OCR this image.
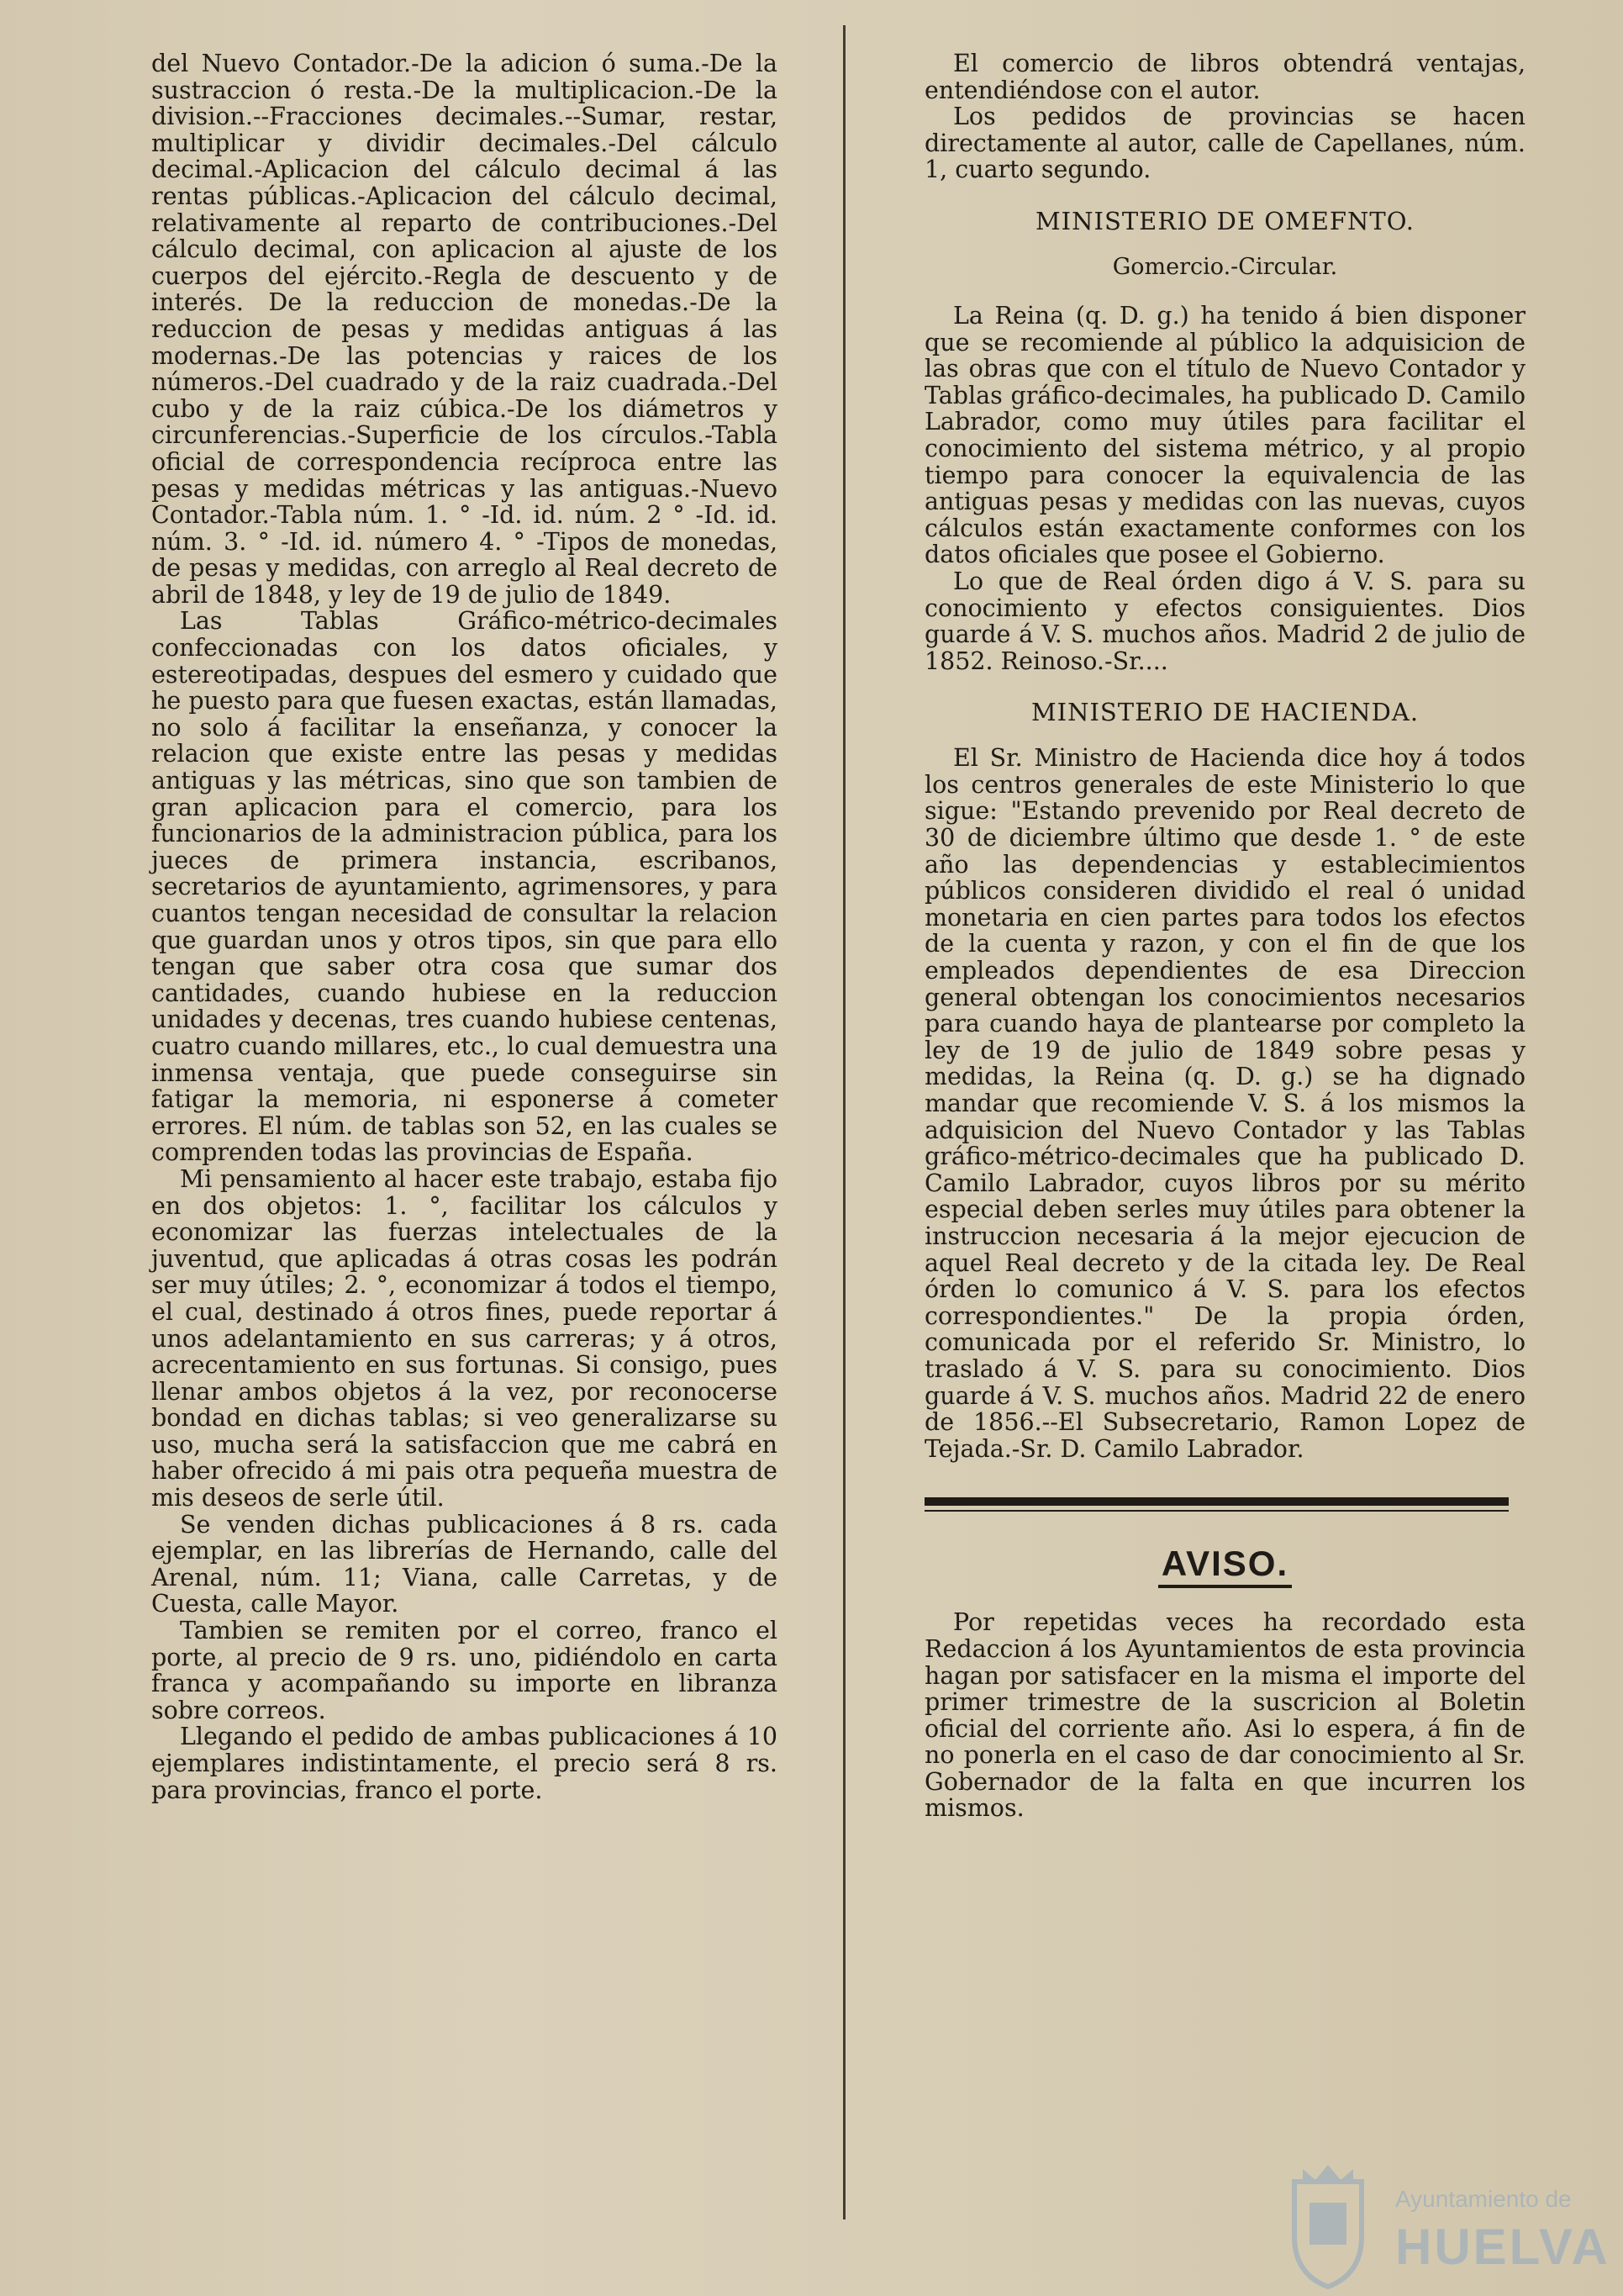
del Nuevo Contador.-De la adicion ó suma.-De la sustraccion ó resta.-De la multiplicacion.-De la division.--Fracciones decimales.--Sumar, restar, multiplicar y dividir decimales.-Del cálculo decimal.-Aplicacion del cálculo decimal á las rentas públicas.-Aplicacion del cálculo decimal, relativamente al reparto de contribuciones.-Del cálculo decimal, con aplicacion al ajuste de los cuerpos del ejército.-Regla de descuento y de interés. De la reduccion de monedas.-De la reduccion de pesas y medidas antiguas á las modernas.-De las potencias y raices de los números.-Del cuadrado y de la raiz cuadrada.-Del cubo y de la raiz cúbica.-De los diámetros y circunferencias.-Superficie de los círculos.-Tabla oficial de correspondencia recíproca entre las pesas y medidas métricas y las antiguas.-Nuevo Contador.-Tabla núm. 1. ° -Id. id. núm. 2 ° -Id. id. núm. 3. ° -Id. id. número 4. ° -Tipos de monedas, de pesas y medidas, con arreglo al Real decreto de abril de 1848, y ley de 19 de julio de 1849.

Las Tablas Gráfico-métrico-decimales confeccionadas con los datos oficiales, y estereotipadas, despues del esmero y cuidado que he puesto para que fuesen exactas, están llamadas, no solo á facilitar la enseñanza, y conocer la relacion que existe entre las pesas y medidas antiguas y las métricas, sino que son tambien de gran aplicacion para el comercio, para los funcionarios de la administracion pública, para los jueces de primera instancia, escribanos, secretarios de ayuntamiento, agrimensores, y para cuantos tengan necesidad de consultar la relacion que guardan unos y otros tipos, sin que para ello tengan que saber otra cosa que sumar dos cantidades, cuando hubiese en la reduccion unidades y decenas, tres cuando hubiese centenas, cuatro cuando millares, etc., lo cual demuestra una inmensa ventaja, que puede conseguirse sin fatigar la memoria, ni esponerse á cometer errores. El núm. de tablas son 52, en las cuales se comprenden todas las provincias de España.

Mi pensamiento al hacer este trabajo, estaba fijo en dos objetos: 1. °, facilitar los cálculos y economizar las fuerzas intelectuales de la juventud, que aplicadas á otras cosas les podrán ser muy útiles; 2. °, economizar á todos el tiempo, el cual, destinado á otros fines, puede reportar á unos adelantamiento en sus carreras; y á otros, acrecentamiento en sus fortunas. Si consigo, pues llenar ambos objetos á la vez, por reconocerse bondad en dichas tablas; si veo generalizarse su uso, mucha será la satisfaccion que me cabrá en haber ofrecido á mi pais otra pequeña muestra de mis deseos de serle útil.

Se venden dichas publicaciones á 8 rs. cada ejemplar, en las librerías de Hernando, calle del Arenal, núm. 11; Viana, calle Carretas, y de Cuesta, calle Mayor.

Tambien se remiten por el correo, franco el porte, al precio de 9 rs. uno, pidiéndolo en carta franca y acompañando su importe en libranza sobre correos.

Llegando el pedido de ambas publicaciones á 10 ejemplares indistintamente, el precio será 8 rs. para provincias, franco el porte.

El comercio de libros obtendrá ventajas, entendiéndose con el autor.

Los pedidos de provincias se hacen directamente al autor, calle de Capellanes, núm. 1, cuarto segundo.

MINISTERIO DE OMEFNTO.
Gomercio.-Circular.

La Reina (q. D. g.) ha tenido á bien disponer que se recomiende al público la adquisicion de las obras que con el título de Nuevo Contador y Tablas gráfico-decimales, ha publicado D. Camilo Labrador, como muy útiles para facilitar el conocimiento del sistema métrico, y al propio tiempo para conocer la equivalencia de las antiguas pesas y medidas con las nuevas, cuyos cálculos están exactamente conformes con los datos oficiales que posee el Gobierno.

Lo que de Real órden digo á V. S. para su conocimiento y efectos consiguientes. Dios guarde á V. S. muchos años. Madrid 2 de julio de 1852. Reinoso.-Sr....

MINISTERIO DE HACIENDA.

El Sr. Ministro de Hacienda dice hoy á todos los centros generales de este Ministerio lo que sigue: "Estando prevenido por Real decreto de 30 de diciembre último que desde 1. ° de este año las dependencias y establecimientos públicos consideren dividido el real ó unidad monetaria en cien partes para todos los efectos de la cuenta y razon, y con el fin de que los empleados dependientes de esa Direccion general obtengan los conocimientos necesarios para cuando haya de plantearse por completo la ley de 19 de julio de 1849 sobre pesas y medidas, la Reina (q. D. g.) se ha dignado mandar que recomiende V. S. á los mismos la adquisicion del Nuevo Contador y las Tablas gráfico-métrico-decimales que ha publicado D. Camilo Labrador, cuyos libros por su mérito especial deben serles muy útiles para obtener la instruccion necesaria á la mejor ejecucion de aquel Real decreto y de la citada ley. De Real órden lo comunico á V. S. para los efectos correspondientes." De la propia órden, comunicada por el referido Sr. Ministro, lo traslado á V. S. para su conocimiento. Dios guarde á V. S. muchos años. Madrid 22 de enero de 1856.--El Subsecretario, Ramon Lopez de Tejada.-Sr. D. Camilo Labrador.

AVISO.

Por repetidas veces ha recordado esta Redaccion á los Ayuntamientos de esta provincia hagan por satisfacer en la misma el importe del primer trimestre de la suscricion al Boletin oficial del corriente año. Asi lo espera, á fin de no ponerla en el caso de dar conocimiento al Sr. Gobernador de la falta en que incurren los mismos.

Ayuntamiento de
HUELVA
